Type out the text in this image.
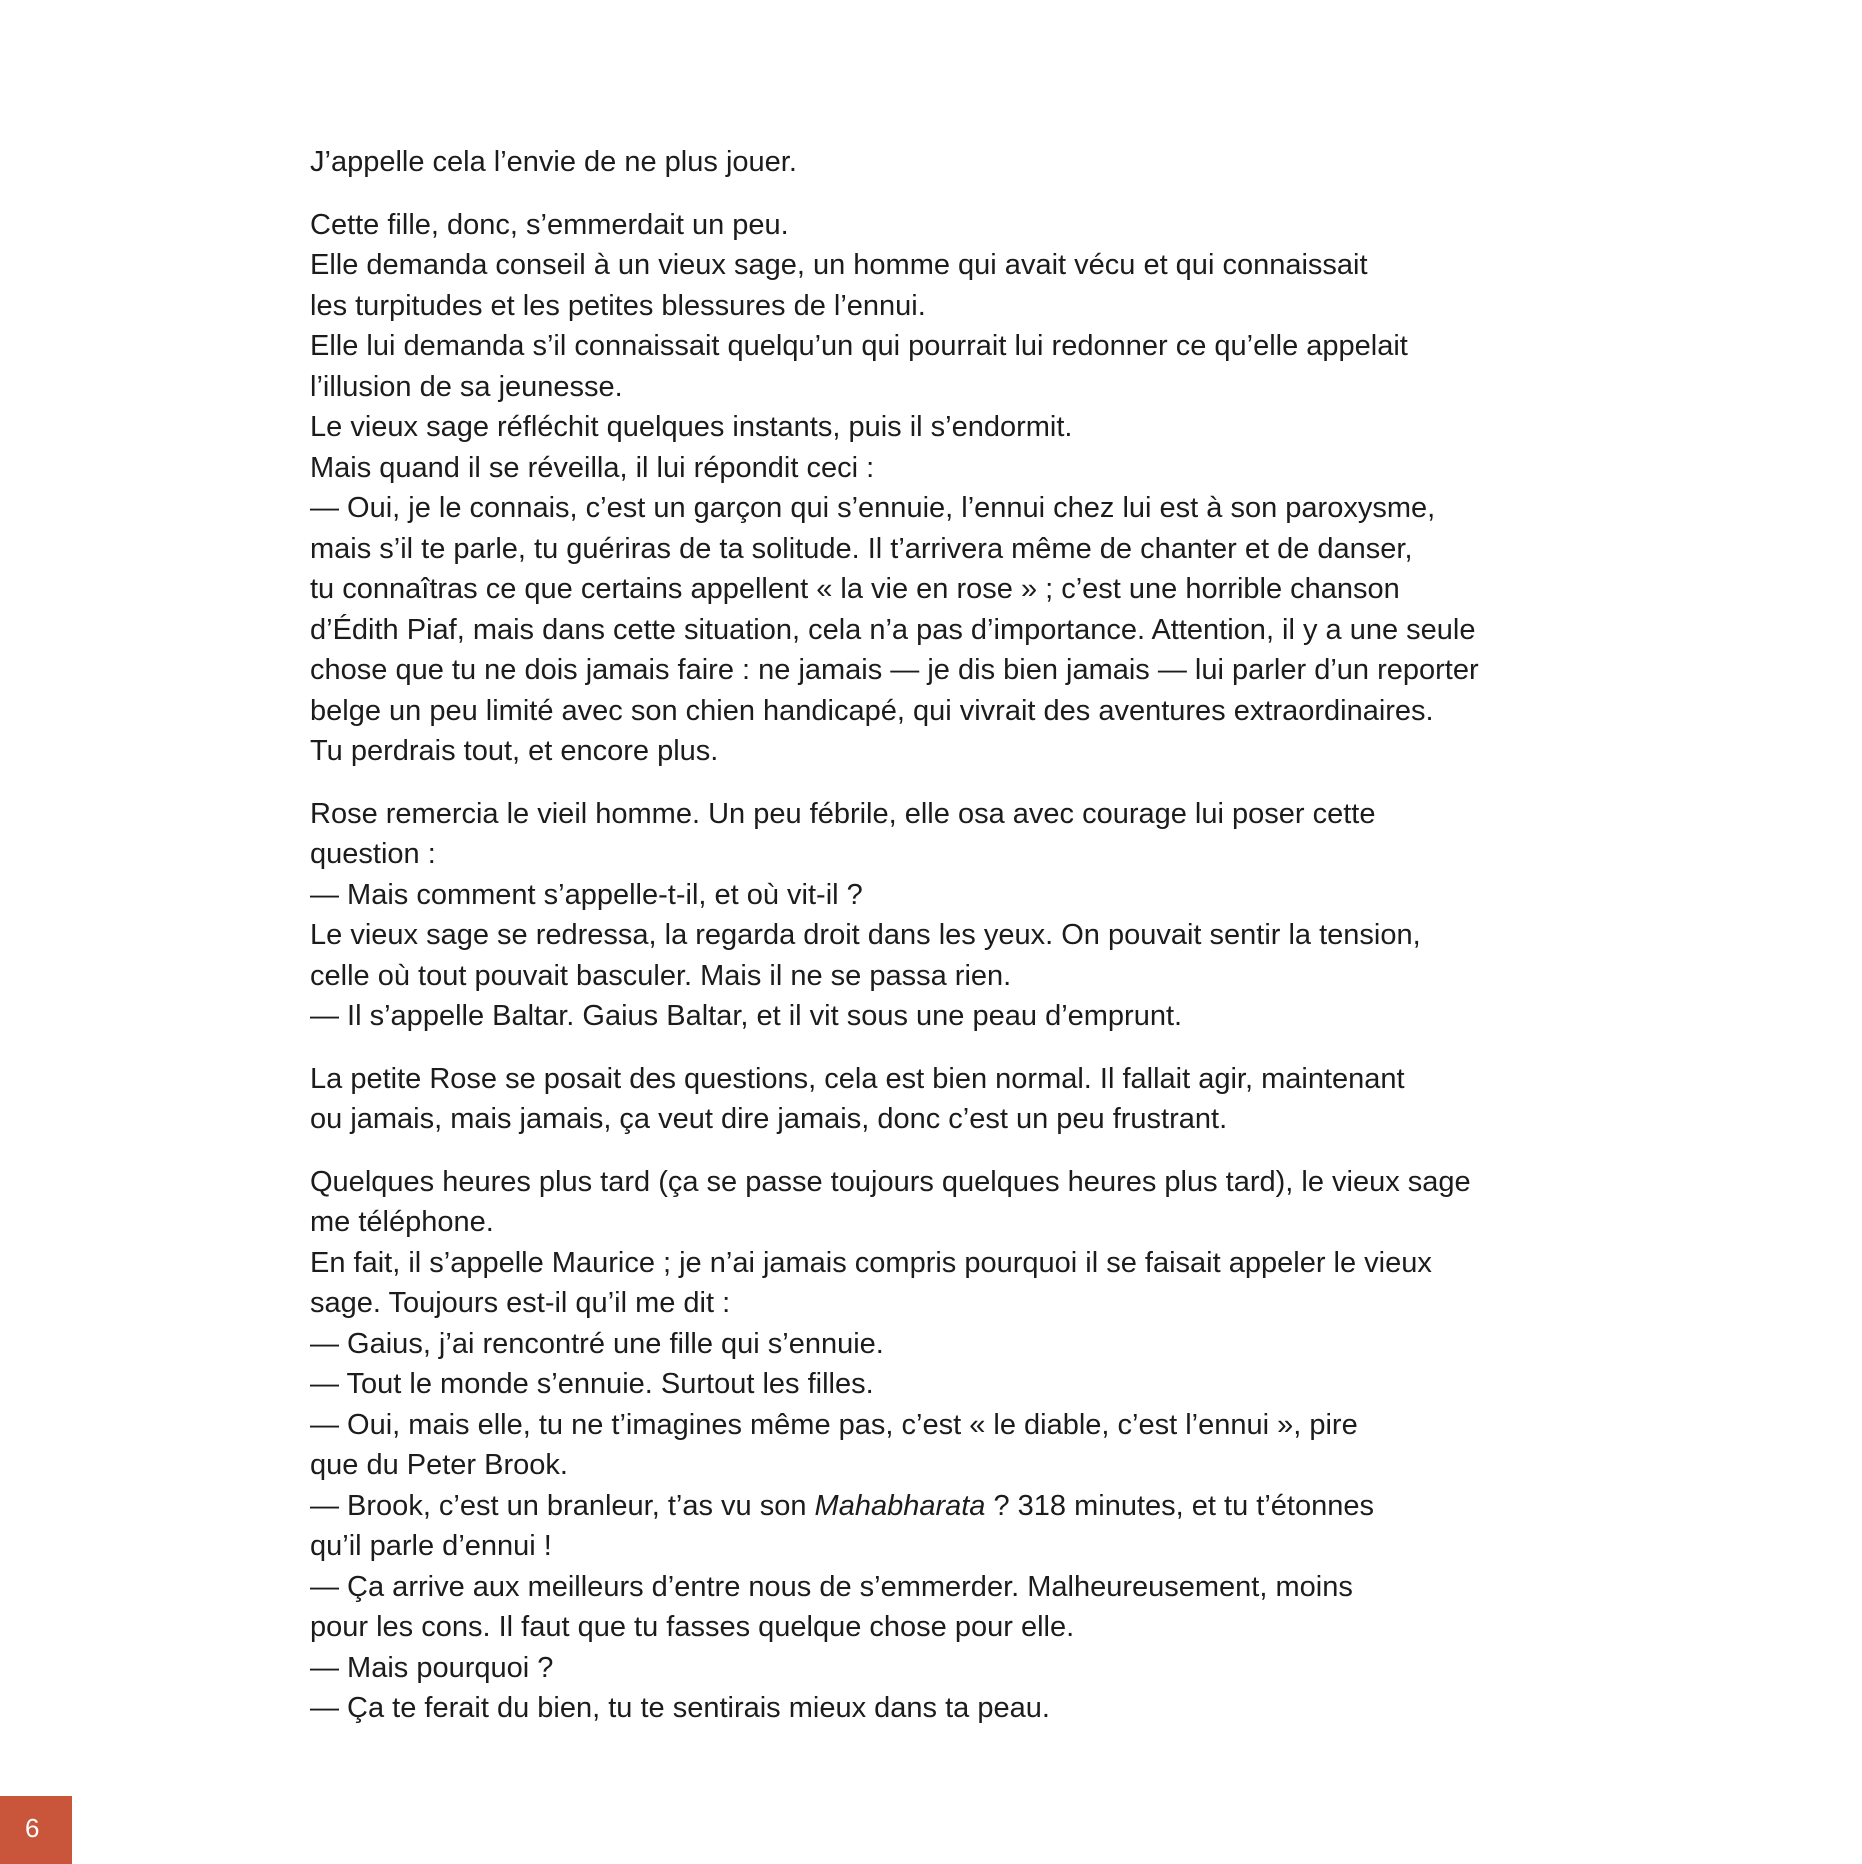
J’appelle cela l’envie de ne plus jouer.

Cette fille, donc, s’emmerdait un peu.
Elle demanda conseil à un vieux sage, un homme qui avait vécu et qui connaissait
les turpitudes et les petites blessures de l’ennui.
Elle lui demanda s’il connaissait quelqu’un qui pourrait lui redonner ce qu’elle appelait
l’illusion de sa jeunesse.
Le vieux sage réfléchit quelques instants, puis il s’endormit.
Mais quand il se réveilla, il lui répondit ceci :
— Oui, je le connais, c’est un garçon qui s’ennuie, l’ennui chez lui est à son paroxysme,
mais s’il te parle, tu guériras de ta solitude. Il t’arrivera même de chanter et de danser,
tu connaîtras ce que certains appellent « la vie en rose » ; c’est une horrible chanson
d’Édith Piaf, mais dans cette situation, cela n’a pas d’importance. Attention, il y a une seule
chose que tu ne dois jamais faire : ne jamais — je dis bien jamais — lui parler d’un reporter
belge un peu limité avec son chien handicapé, qui vivrait des aventures extraordinaires.
Tu perdrais tout, et encore plus.

Rose remercia le vieil homme. Un peu fébrile, elle osa avec courage lui poser cette
question :
— Mais comment s’appelle-t-il, et où vit-il ?
Le vieux sage se redressa, la regarda droit dans les yeux. On pouvait sentir la tension,
celle où tout pouvait basculer. Mais il ne se passa rien.
— Il s’appelle Baltar. Gaius Baltar, et il vit sous une peau d’emprunt.

La petite Rose se posait des questions, cela est bien normal. Il fallait agir, maintenant
ou jamais, mais jamais, ça veut dire jamais, donc c’est un peu frustrant.

Quelques heures plus tard (ça se passe toujours quelques heures plus tard), le vieux sage
me téléphone.
En fait, il s’appelle Maurice ; je n’ai jamais compris pourquoi il se faisait appeler le vieux
sage. Toujours est-il qu’il me dit :
— Gaius, j’ai rencontré une fille qui s’ennuie.
— Tout le monde s’ennuie. Surtout les filles.
— Oui, mais elle, tu ne t’imagines même pas, c’est « le diable, c’est l’ennui », pire
que du Peter Brook.
— Brook, c’est un branleur, t’as vu son Mahabharata ? 318 minutes, et tu t’étonnes
qu’il parle d’ennui !
— Ça arrive aux meilleurs d’entre nous de s’emmerder. Malheureusement, moins
pour les cons. Il faut que tu fasses quelque chose pour elle.
— Mais pourquoi ?
— Ça te ferait du bien, tu te sentirais mieux dans ta peau.

6
